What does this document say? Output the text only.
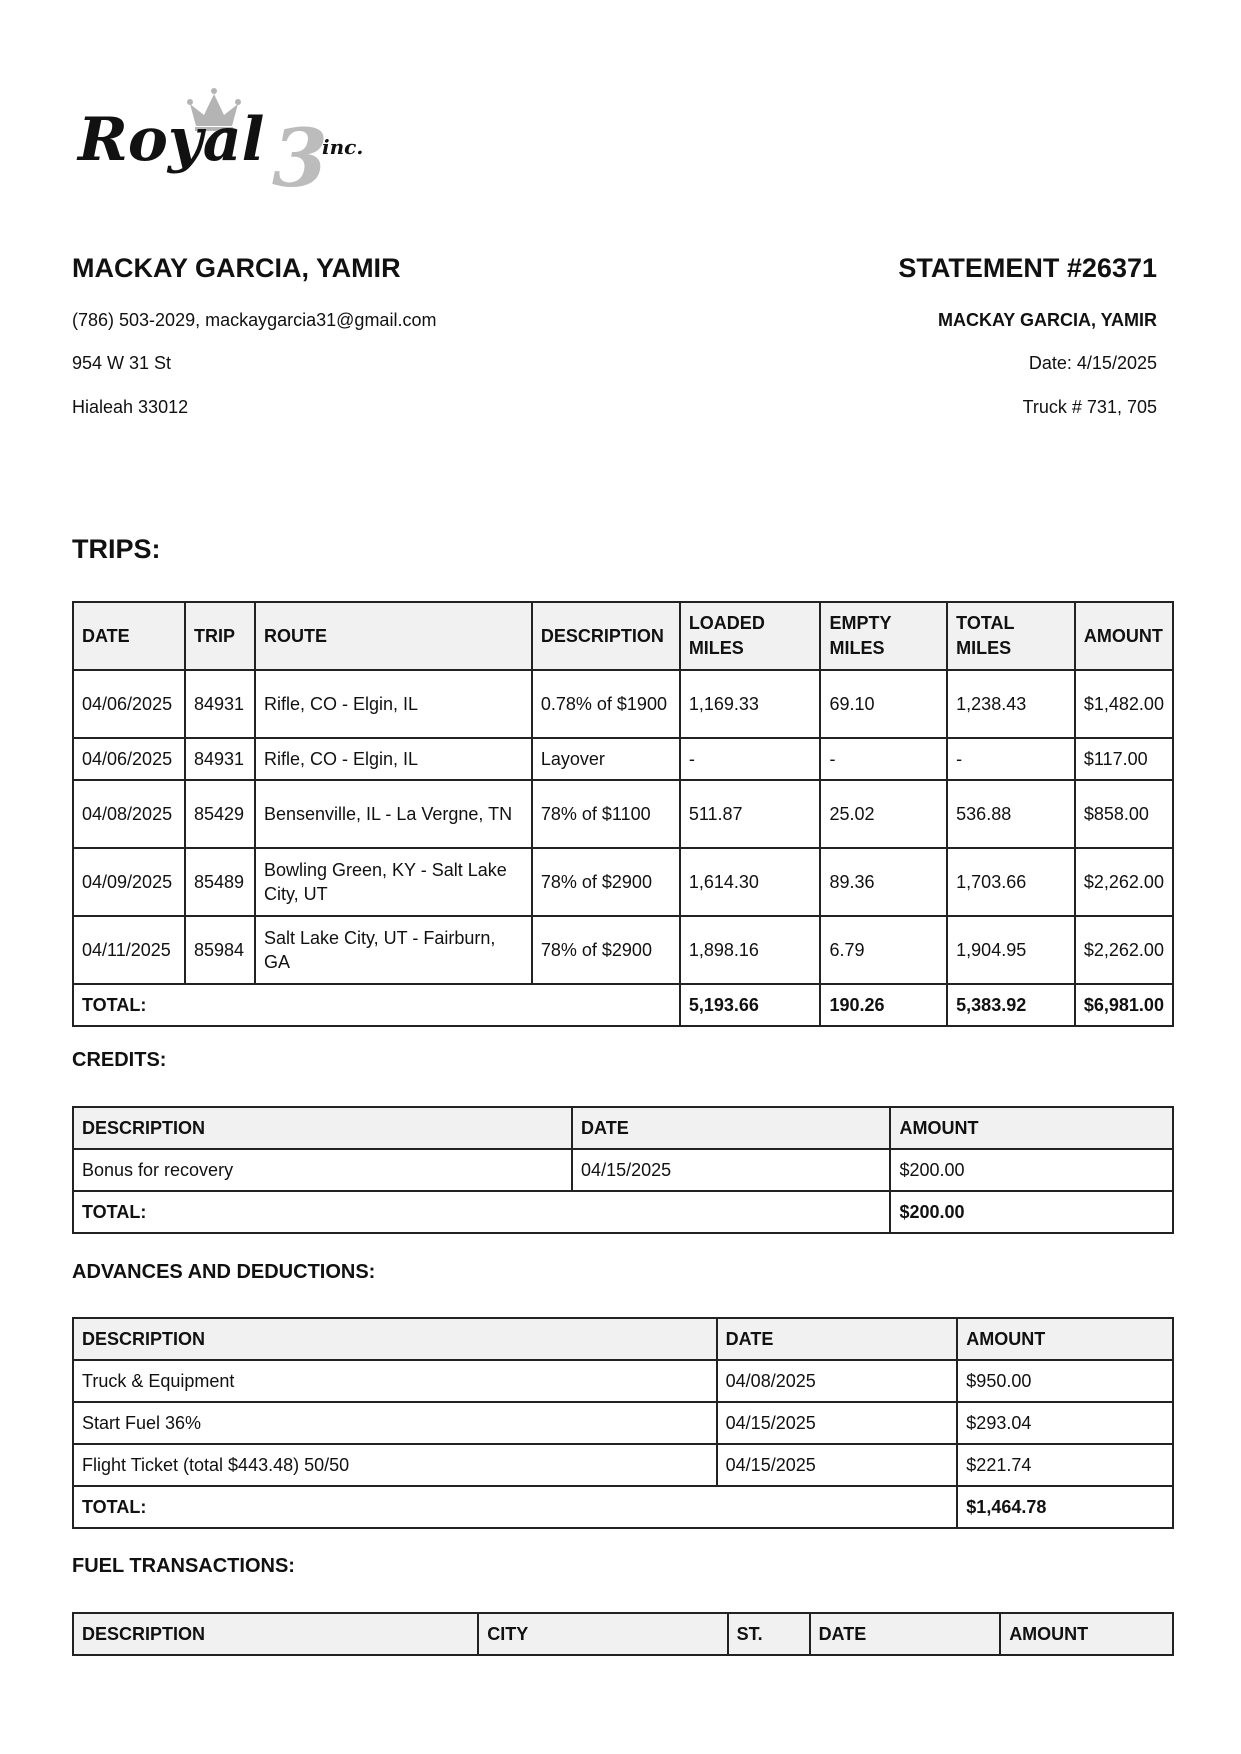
3
Royal	inc.

MACKAY GARCIA, YAMIR

(786) 503-2029, mackaygarcia31@gmail.com

954 W 31 St

Hialeah 33012

STATEMENT #26371

MACKAY GARCIA, YAMIR

Date: 4/15/2025

Truck # 731, 705

TRIPS:

DATE	TRIP	ROUTE	DESCRIPTION	LOADED MILES	EMPTY MILES	TOTAL MILES	AMOUNT
04/06/2025	84931	Rifle, CO - Elgin, IL	0.78% of $1900	1,169.33	69.10	1,238.43	$1,482.00
04/06/2025	84931	Rifle, CO - Elgin, IL	Layover	-	-	-	$117.00
04/08/2025	85429	Bensenville, IL - La Vergne, TN	78% of $1100	511.87	25.02	536.88	$858.00
04/09/2025	85489	Bowling Green, KY - Salt Lake City, UT	78% of $2900	1,614.30	89.36	1,703.66	$2,262.00
04/11/2025	85984	Salt Lake City, UT - Fairburn, GA	78% of $2900	1,898.16	6.79	1,904.95	$2,262.00
TOTAL:				5,193.66	190.26	5,383.92	$6,981.00

CREDITS:

DESCRIPTION	DATE	AMOUNT
Bonus for recovery	04/15/2025	$200.00
TOTAL:		$200.00

ADVANCES AND DEDUCTIONS:

DESCRIPTION	DATE	AMOUNT
Truck & Equipment	04/08/2025	$950.00
Start Fuel 36%	04/15/2025	$293.04
Flight Ticket (total $443.48) 50/50	04/15/2025	$221.74
TOTAL:		$1,464.78

FUEL TRANSACTIONS:

DESCRIPTION	CITY	ST.	DATE	AMOUNT
